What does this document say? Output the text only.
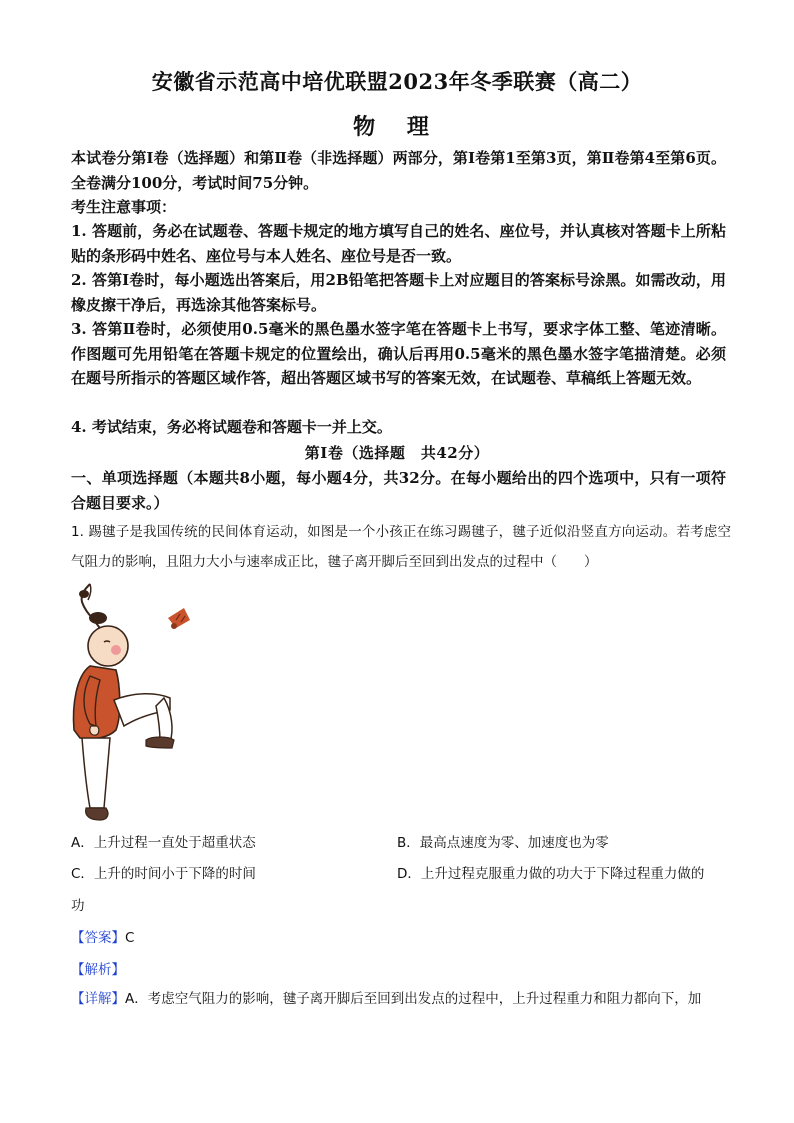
安徽省示范高中培优联盟2023年冬季联赛（高二）
物 理
本试卷分第Ⅰ卷（选择题）和第Ⅱ卷（非选择题）两部分，第Ⅰ卷第1至第3页，第Ⅱ卷第4至第6页。全卷满分100分，考试时间75分钟。
考生注意事项：
1. 答题前，务必在试题卷、答题卡规定的地方填写自己的姓名、座位号，并认真核对答题卡上所粘贴的条形码中姓名、座位号与本人姓名、座位号是否一致。
2. 答第Ⅰ卷时，每小题选出答案后，用2B铅笔把答题卡上对应题目的答案标号涂黑。如需改动，用橡皮擦干净后，再选涂其他答案标号。
3. 答第Ⅱ卷时，必须使用0.5毫米的黑色墨水签字笔在答题卡上书写，要求字体工整、笔迹清晰。作图题可先用铅笔在答题卡规定的位置绘出，确认后再用0.5毫米的黑色墨水签字笔描清楚。必须在题号所指示的答题区域作答，超出答题区域书写的答案无效，在试题卷、草稿纸上答题无效。
4. 考试结束，务必将试题卷和答题卡一并上交。
第Ⅰ卷（选择题　共42分）
一、单项选择题（本题共8小题，每小题4分，共32分。在每小题给出的四个选项中，只有一项符合题目要求。）
1. 踢毽子是我国传统的民间体育运动，如图是一个小孩正在练习踢毽子，毽子近似沿竖直方向运动。若考虑空气阻力的影响，且阻力大小与速率成正比，毽子离开脚后至回到出发点的过程中（　　）
A．上升过程一直处于超重状态	B．最高点速度为零、加速度也为零
C．上升的时间小于下降的时间	D．上升过程克服重力做的功大于下降过程重力做的
功
【答案】C
【解析】
【详解】A．考虑空气阻力的影响，毽子离开脚后至回到出发点的过程中，上升过程重力和阻力都向下，加
